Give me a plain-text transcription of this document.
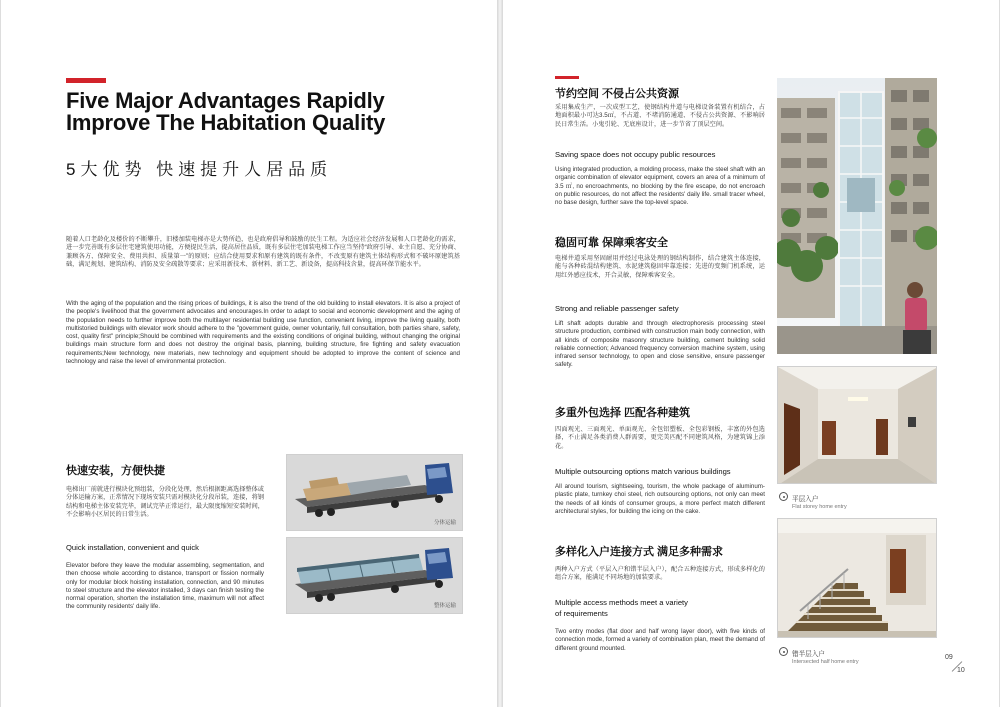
Five Major Advantages Rapidly
Improve The Habitation Quality
5大优势 快速提升人居品质
随着人口老龄化及楼价的不断攀升，旧楼加装电梯亦是大势所趋，也是政府倡导和鼓励的民生工程。为适应社会经济发展和人口老龄化的需求，进一步完善既有多层住宅建筑使用功能，方便提民生活，提高居住品质，既有多层住宅加装电梯工作应当坚持“政府引导、业主自愿、充分协商、兼顾各方、保障安全、费用共担、质量第一”的原则；应结合使用要求和原有建筑的既有条件，不改变原有建筑主体结构形式和不破坏原建筑基础，满足规划、建筑结构、消防及安全疏散等要求；应采用新技术、新材料、新工艺、新设备，提高科技含量，提高环保节能水平。
With the aging of the population and the rising prices of buildings, it is also the trend of the old building to install elevators. It is also a project of the people's livelihood that the government advocates and encourages.In order to adapt to social and economic development and the aging of the population needs to further improve both the multilayer residential building use function, convenient living, improve the living quality, both multistoried buildings with elevator work should adhere to the "government guide, owner voluntarily, full consultation, both parties share, safety, cost, quality first" principle;Should be combined with requirements and the existing conditions of original building, without changing the original buildings main structure form and does not destroy the original basis, planning, building structure, fire fighting and safety evacuation requirements;New technology, new materials, new technology and equipment should be adopted to improve the content of science and technology and raise the level of environmental protection.
快速安装，方便快捷
电梯出厂前就进行模块化预组装，分段化处理，然后根据距离选择整体或分体运输方案，正常情况下现场安装只需对模块化分段吊装，连接，将钢结构和电梯主体安装完毕，调试完毕正常运行，最大限度缩短安装时间，不会影响小区居民的日常生活。
Quick installation, convenient and quick
Elevator before they leave the modular assembling, segmentation, and then choose whole according to distance, transport or fission normally only for modular block hoisting installation, connection, and 90 minutes to steel structure and the elevator installed, 3 days can finish testing the normal operation, shorten the installation time, maximum will not affect the community residents' daily life.
分体运输
整体运输
节约空间 不侵占公共资源
采用集成生产，一次成型工艺，使钢结构井道与电梯设备装置有机结合，占地面积最小可达3.5㎡，不占道、不堵消防通道、不侵占公共资源、不影响居民日常生活。小鬼引轮、无底座设计，进一步节省了顶层空间。
Saving space does not occupy public resources
Using integrated production, a molding process, make the steel shaft with an organic combination of elevator equipment, covers an area of a minimum of 3.5 ㎡, no encroachments, no blocking by the fire escape, do not encroach on public resources, do not affect the residents' daily life. small tracer wheel, no base design, further save the top-level space.
稳固可靠 保障乘客安全
电梯井道采用坚固耐用并经过电泳处理的钢结构制作，结合建筑主体连接，能与各种砖混结构建筑、水泥建筑稳固牢靠连接；先进的变频门机系统，运用红外感应技术，开合灵敏，保障乘客安全。
Strong and reliable passenger safety
Lift shaft adopts durable and through electrophoresis processing steel structure production, combined with construction main body connection, with all kinds of composite masonry structure building, cement building solid reliable connection; Advanced frequency conversion machine system, using infrared sensor technology, to open and close sensitive, ensure passenger safety.
多重外包选择 匹配各种建筑
四面观光、三面观光、单面观光、全包铝塑板、全包彩钢板，丰富的外包选择，不止满足各类消费人群需要，更完美匹配不同建筑风格，为建筑锦上添花。
Multiple outsourcing options match various buildings
All around tourism, sightseeing, tourism, the whole package of aluminum-plastic plate, turnkey choi steel, rich outsourcing options, not only can meet the needs of all kinds of consumer groups, a more perfect match different architectural styles, for building the icing on the cake.
多样化入户连接方式 满足多种需求
两种入户方式（平层入户和错半层入户），配合五种连接方式，形成多样化的组合方案，能满足不同场地的加装要求。
Multiple access methods meet a variety
of requirements
Two entry modes (flat door and half wrong layer door), with five kinds of connection mode, formed a variety of combination plan, meet the demand of different ground mounted.
平层入户
Flat storey home entry
错半层入户
Intersected half home entry
09
10
